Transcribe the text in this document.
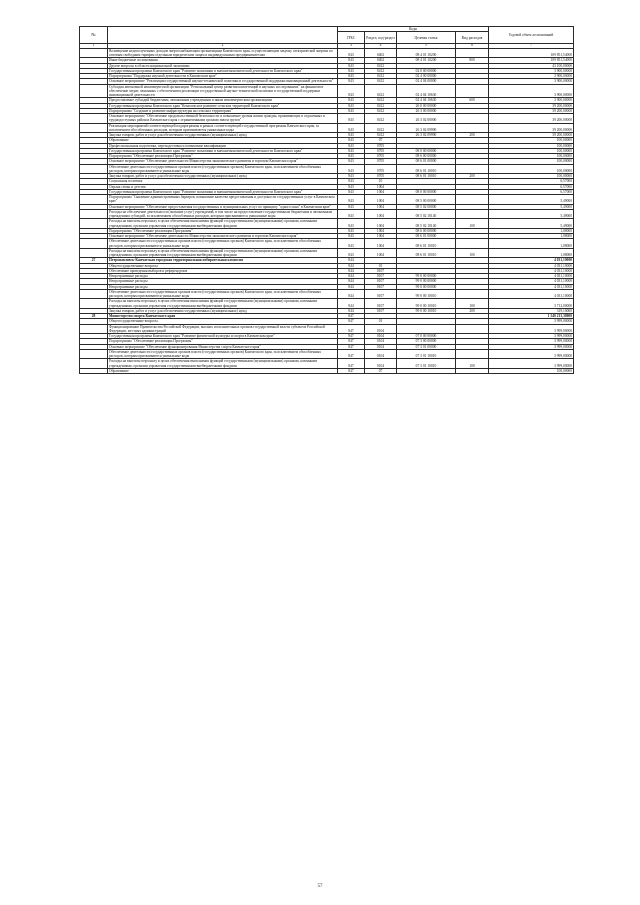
№		Коды				Годовой объем ассигнований
		ГРБС	Раздел, под-раздел	Целевая статья	Вид расходов	
1	2	3	4	5	6	7
	Возмещение недополученных доходов энергоснабжающим организациям Камчатского края, осуществляющим закупку электрической энергии по оптовым свободным тарифам отдельным юридическим лицам и индивидуальным предпринимателям	843	0402	08 4 01 10200		109 851,54000
	Иные бюджетные ассигнования	843	0402	08 4 01 10200	800	109 851,54000
	Другие вопросы в области национальной экономики	843	0412			43 100,00000
	Государственная программа Камчатского края "Развитие экономики и внешнеэкономической деятельности Камчатского края"	843	0412	02 0 00 00000		3 900,00000
	Подпрограмма "Поддержка научной деятельности в Камчатском крае"	843	0412	02 4 00 00000		3 900,00000
	Основное мероприятие "Реализация государственной научно-технической политики и государственной поддержки инновационной деятельности"	843	0412	02 4 04 00000		3 900,00000
	Субсидия автономной некоммерческой организации "Региональный центр развития компетенций в научных исследованиях" на финансовое обеспечение затрат, связанных с обеспечением реализации государственной научно-технической политики и государственной поддержки инновационной деятельности	843	0412	02 4 04 10630		3 900,00000
	Предоставление субсидий бюджетным, автономным учреждениям и иным некоммерческим организациям	843	0412	02 4 04 10630	600	3 900,00000
	Государственная программа Камчатского края "Комплексное развитие сельских территорий Камчатского края"	843	0412	26 0 00 00000		39 200,00000
	Подпрограмма "Создание и развитие инфраструктуры на сельских территориях"	843	0412	26 3 00 00000		39 200,00000
	Основное мероприятие "Обеспечение продовольственной безопасности и повышение уровня жизни граждан, проживающих в отдаленных и труднодоступных районах Камчатского края с ограниченными сроками завоза грузов"	843	0412	26 3 02 00000		39 200,00000
	Реализация мероприятий соответствующей подпрограммы в рамках соответствующей государственной программы Камчатского края, за исключением обособленных расходов, которым присваиваются уникальные коды	843	0412	26 3 02 09990		39 200,00000
	Закупка товаров, работ и услуг для обеспечения государственных (муниципальных) нужд	843	0412	26 3 02 09990	200	39 200,00000
	Образование	843	07			100,00000
	Профессиональная подготовка, переподготовка и повышение квалификации	843	0705			100,00000
	Государственная программа Камчатского края "Развитие экономики и внешнеэкономической деятельности Камчатского края"	843	0705	08 0 00 00000		100,00000
	Подпрограмма "Обеспечение реализации Программы"	843	0705	08 6 00 00000		100,00000
	Основное мероприятие "Обеспечение деятельности Министерства экономического развития и торговли Камчатского края"	843	0705	08 6 01 00000		100,00000
	Обеспечение деятельности государственных органов власти (государственных органов) Камчатского края, за исключением обособленных расходов, которым присваиваются уникальные коды	843	0705	08 6 01 10010		100,00000
	Закупка товаров, работ и услуг для обеспечения государственных (муниципальных) нужд	843	0705	08 6 01 10010	200	100,00000
	Социальная политика	843	10			6,57000
	Охрана семьи и детства	843	1004			6,57000
	Государственная программа Камчатского края "Развитие экономики и внешнеэкономической деятельности Камчатского края"	843	1004	08 0 00 00000		6,57000
	Подпрограмма "Снижение административных барьеров, повышение качества предоставления и доступности государственных услуг в Камчатском крае"	843	1004	08 5 00 00000		5,49000
	Основное мероприятие "Обеспечение предоставления государственных и муниципальных услуг по принципу "одного окна" в Камчатском крае"	843	1004	08 5 02 00000		5,49000
	Расходы на обеспечение деятельности (оказание услуг) учреждений, в том числе на предоставление государственным бюджетным и автономным учреждениям субсидий, за исключением обособленных расходов, которым присваиваются уникальные коды	843	1004	08 5 02 10140		5,49000
	Расходы на выплаты персоналу в целях обеспечения выполнения функций государственными (муниципальными) органами, казенными учреждениями, органами управления государственными внебюджетными фондами	843	1004	08 5 02 10140	100	5,49000
	Подпрограмма "Обеспечение реализации Программы"	843	1004	08 6 00 00000		1,08000
	Основное мероприятие "Обеспечение деятельности Министерства экономического развития и торговли Камчатского края"	843	1004	08 6 01 00000		1,08000
	Обеспечение деятельности государственных органов власти (государственных органов) Камчатского края, за исключением обособленных расходов, которым присваиваются уникальные коды	843	1004	08 6 01 10010		1,08000
	Расходы на выплаты персоналу в целях обеспечения выполнения функций государственными (муниципальными) органами, казенными учреждениями, органами управления государственными внебюджетными фондами	843	1004	08 6 01 10010	100	1,08000
27	Петропавловск-Камчатская городская территориальная избирательная комиссия	844				4 031,10000
	Общегосударственные вопросы	844	01			4 031,10000
	Обеспечение проведения выборов и референдумов	844	0107			4 031,10000
	Непрограммные расходы	844	0107	99 0 00 00000		4 031,10000
	Непрограммные расходы	844	0107	99 0 00 00000		4 031,10000
	Непрограммные расходы	844	0107	99 0 00 00000		4 031,10000
	Обеспечение деятельности государственных органов власти (государственных органов) Камчатского края, за исключением обособленных расходов, которым присваиваются уникальные коды	844	0107	99 0 00 10010		4 031,10000
	Расходы на выплаты персоналу в целях обеспечения выполнения функций государственными (муниципальными) органами, казенными учреждениями, органами управления государственными внебюджетными фондами	844	0107	99 0 00 10010	100	3 712,00000
	Закупка товаров, работ и услуг для обеспечения государственных (муниципальных) нужд	844	0107	99 0 00 10010	200	319,10000
28	Министерство спорта Камчатского края	847				1 540 213,38000
	Общегосударственные вопросы	847	01			3 999,00000
	Функционирование Правительства Российской Федерации, высших исполнительных органов государственной власти субъектов Российской Федерации, местных администраций	847	0104			3 999,00000
	Государственная программа Камчатского края "Развитие физической культуры и спорта в Камчатском крае"	847	0104	07 0 00 00000		3 999,00000
	Подпрограмма "Обеспечение реализации Программы"	847	0104	07 3 00 00000		3 999,00000
	Основное мероприятие "Обеспечение функционирования Министерства спорта Камчатского края"	847	0104	07 3 01 00000		3 999,00000
	Обеспечение деятельности государственных органов власти (государственных органов) Камчатского края, за исключением обособленных расходов, которым присваиваются уникальные коды	847	0104	07 3 01 10010		3 999,00000
	Расходы на выплаты персоналу в целях обеспечения выполнения функций государственными (муниципальными) органами, казенными учреждениями, органами управления государственными внебюджетными фондами	847	0104	07 3 01 10010	100	3 999,00000
	Образование	847	07			100,00000
57
